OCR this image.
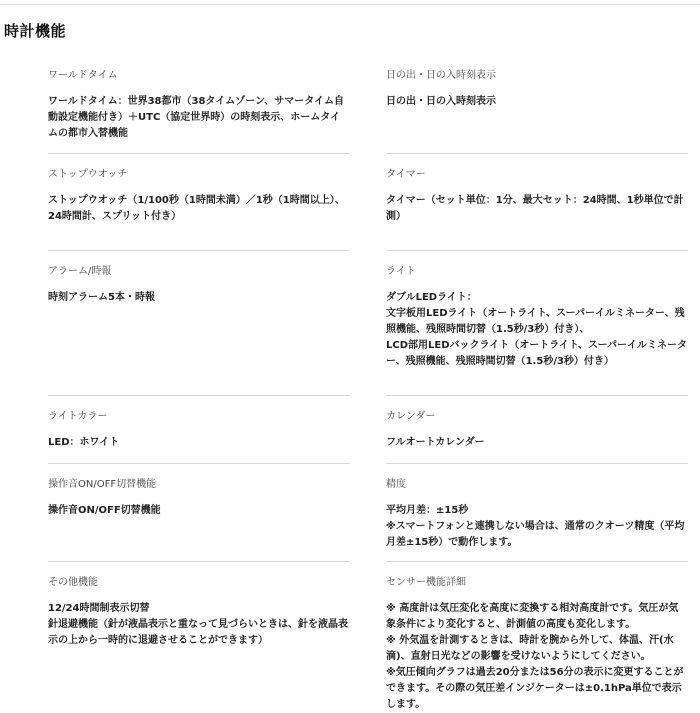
時計機能
ワールドタイム
ワールドタイム：世界38都市（38タイムゾーン、サマータイム自動設定機能付き）＋UTC（協定世界時）の時刻表示、ホームタイムの都市入替機能
日の出・日の入時刻表示
日の出・日の入時刻表示
ストップウオッチ
ストップウオッチ（1/100秒（1時間未満）／1秒（1時間以上）、24時間計、スプリット付き）
タイマー
タイマー（セット単位：1分、最大セット：24時間、1秒単位で計測）
アラーム/時報
時刻アラーム5本・時報
ライト
ダブルLEDライト：
文字板用LEDライト（オートライト、スーパーイルミネーター、残照機能、残照時間切替（1.5秒/3秒）付き）、
LCD部用LEDバックライト（オートライト、スーパーイルミネーター、残照機能、残照時間切替（1.5秒/3秒）付き）
ライトカラー
LED：ホワイト
カレンダー
フルオートカレンダー
操作音ON/OFF切替機能
操作音ON/OFF切替機能
精度
平均月差：±15秒
※スマートフォンと連携しない場合は、通常のクオーツ精度（平均月差±15秒）で動作します。
その他機能
12/24時間制表示切替
針退避機能（針が液晶表示と重なって見づらいときは、針を液晶表示の上から一時的に退避させることができます）
センサー機能詳細
※ 高度計は気圧変化を高度に変換する相対高度計です。気圧が気象条件により変化すると、計測値の高度も変化します。
※ 外気温を計測するときは、時計を腕から外して、体温、汗(水滴)、直射日光などの影響を受けないようにしてください。
※気圧傾向グラフは過去20分または56分の表示に変更することができます。その際の気圧差インジケーターは±0.1hPa単位で表示します。
